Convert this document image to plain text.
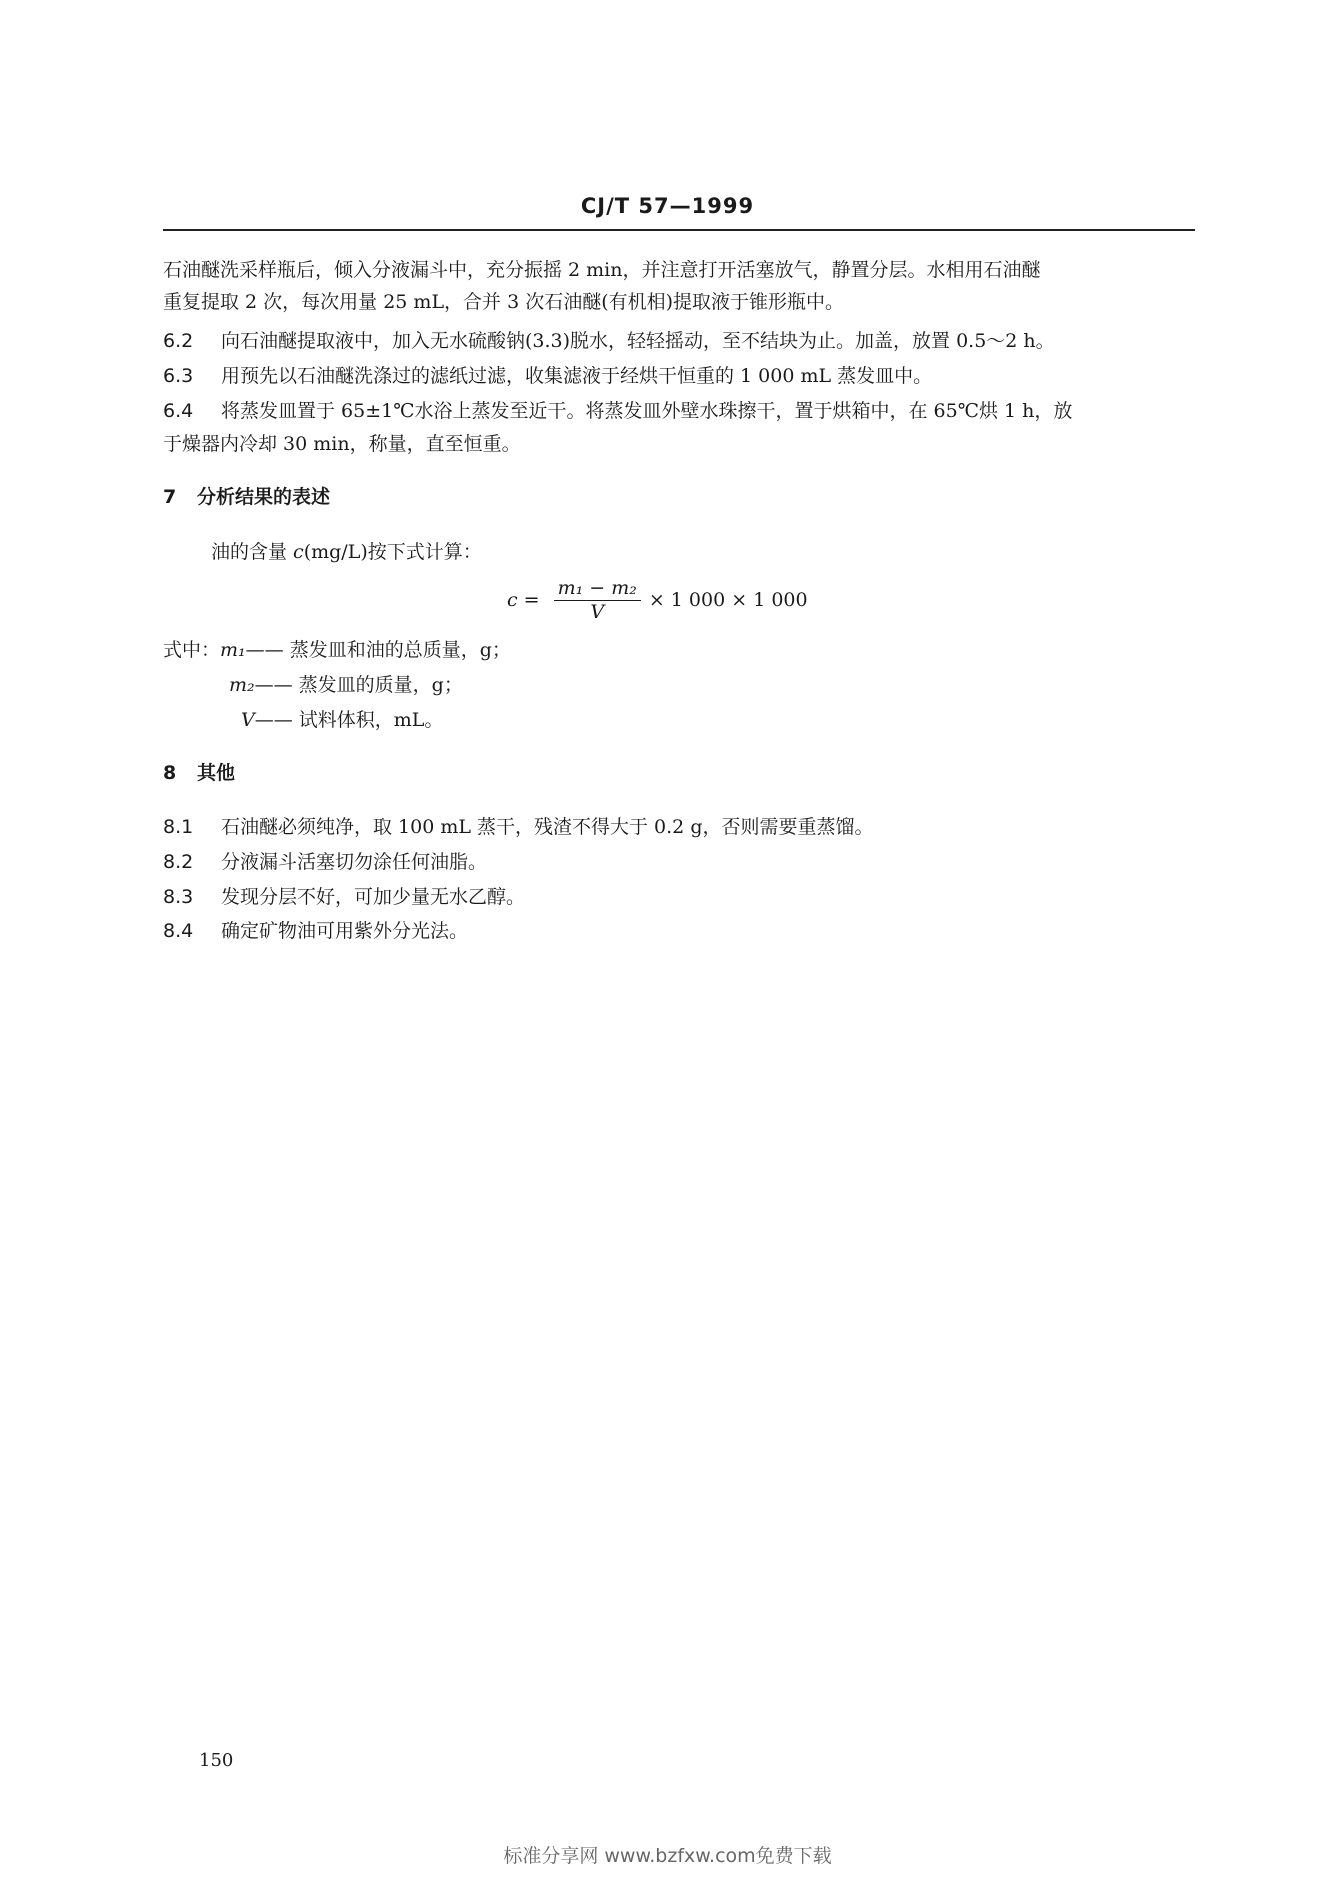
CJ/T 57—1999
石油醚洗采样瓶后，倾入分液漏斗中，充分振摇 2 min，并注意打开活塞放气，静置分层。水相用石油醚
重复提取 2 次，每次用量 25 mL，合并 3 次石油醚(有机相)提取液于锥形瓶中。
6.2 向石油醚提取液中，加入无水硫酸钠(3.3)脱水，轻轻摇动，至不结块为止。加盖，放置 0.5～2 h。
6.3 用预先以石油醚洗涤过的滤纸过滤，收集滤液于经烘干恒重的 1 000 mL 蒸发皿中。
6.4 将蒸发皿置于 65±1℃水浴上蒸发至近干。将蒸发皿外壁水珠擦干，置于烘箱中，在 65℃烘 1 h，放
于燥器内冷却 30 min，称量，直至恒重。
7 分析结果的表述
油的含量 c(mg/L)按下式计算：
$c = \frac{\text{m₁ − m₂}}{V} \times 1$ 000 × 1 000
式中：m₁—— 蒸发皿和油的总质量，g；
m₂—— 蒸发皿的质量，g；
V—— 试料体积，mL。
8 其他
8.1 石油醚必须纯净，取 100 mL 蒸干，残渣不得大于 0.2 g，否则需要重蒸馏。
8.2 分液漏斗活塞切勿涂任何油脂。
8.3 发现分层不好，可加少量无水乙醇。
8.4 确定矿物油可用紫外分光法。
150
标准分享网 www.bzfxw.com免费下载
